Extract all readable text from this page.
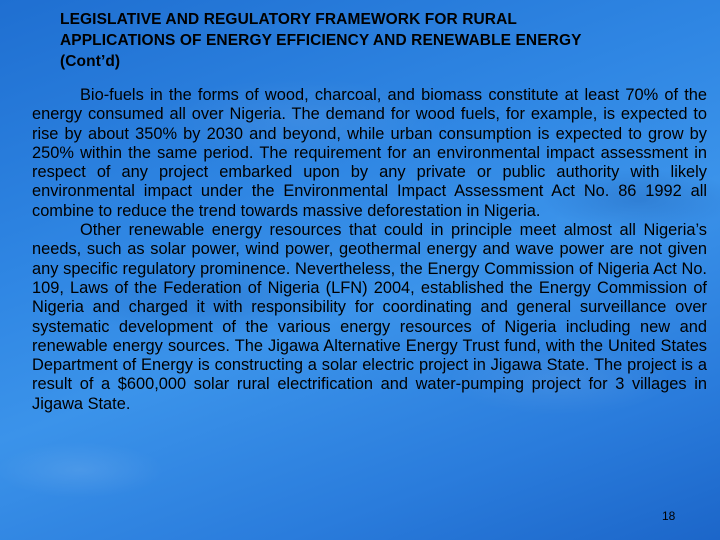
LEGISLATIVE AND REGULATORY FRAMEWORK FOR RURAL
APPLICATIONS OF ENERGY EFFICIENCY AND RENEWABLE ENERGY
(Cont’d)

Bio-fuels in the forms of wood, charcoal, and biomass constitute at least 70% of the energy consumed all over Nigeria. The demand for wood fuels, for example, is expected to rise by about 350% by 2030 and beyond, while urban consumption is expected to grow by 250% within the same period. The requirement for an environmental impact assessment in respect of any project embarked upon by any private or public authority with likely environmental impact under the Environmental Impact Assessment Act No. 86 1992 all combine to reduce the trend towards massive deforestation in Nigeria.

Other renewable energy resources that could in principle meet almost all Nigeria’s needs, such as solar power, wind power, geothermal energy and wave power are not given any specific regulatory prominence. Nevertheless, the Energy Commission of Nigeria Act No. 109, Laws of the Federation of Nigeria (LFN) 2004, established the Energy Commission of Nigeria and charged it with responsibility for coordinating and general surveillance over systematic development of the various energy resources of Nigeria including new and renewable energy sources. The Jigawa Alternative Energy Trust fund, with the United States Department of Energy is constructing a solar electric project in Jigawa State. The project is a result of a $600,000 solar rural electrification and water-pumping project for 3 villages in Jigawa State.

18
